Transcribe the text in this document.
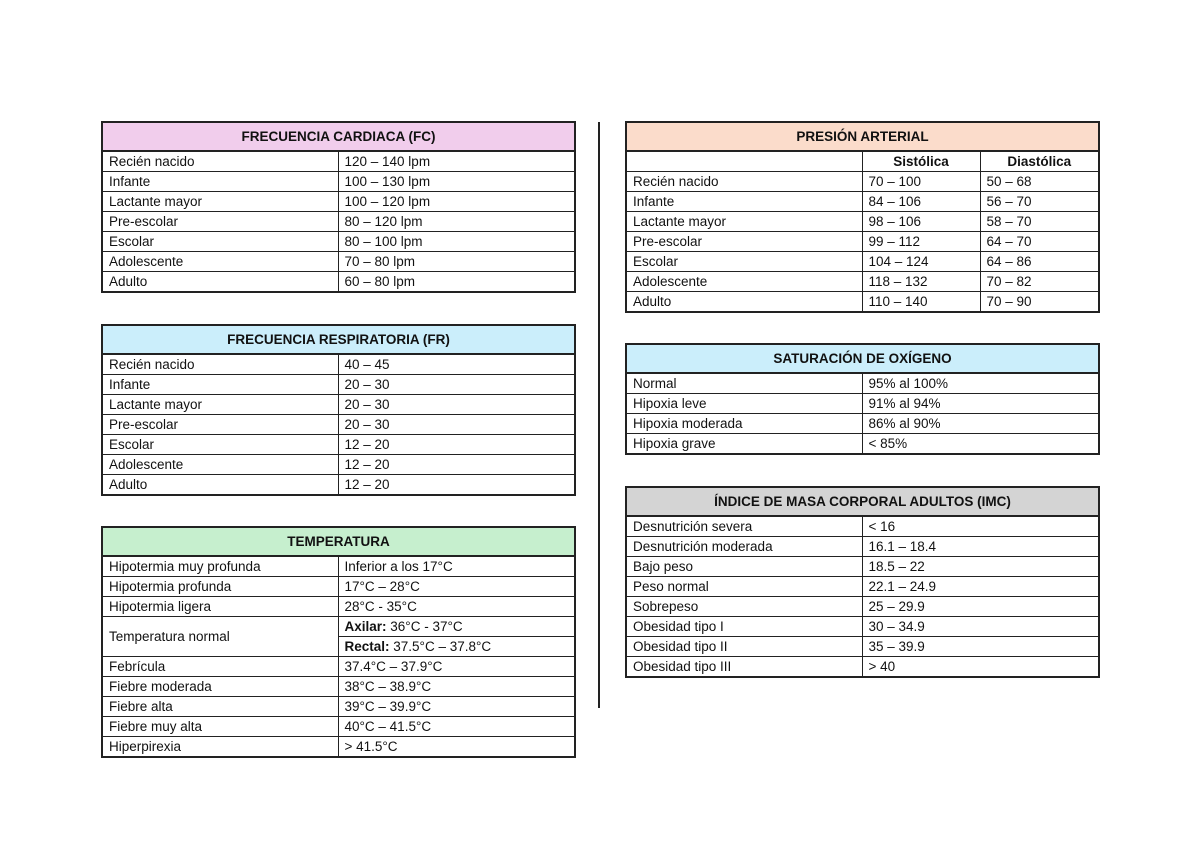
FRECUENCIA CARDIACA (FC)	
Recién nacido	120 – 140 lpm
Infante	100 – 130 lpm
Lactante mayor	100 – 120 lpm
Pre-escolar	80 – 120 lpm
Escolar	80 – 100 lpm
Adolescente	70 – 80 lpm
Adulto	60 – 80 lpm
FRECUENCIA RESPIRATORIA (FR)	
Recién nacido	40 – 45
Infante	20 – 30
Lactante mayor	20 – 30
Pre-escolar	20 – 30
Escolar	12 – 20
Adolescente	12 – 20
Adulto	12 – 20
TEMPERATURA	
Hipotermia muy profunda	Inferior a los 17°C
Hipotermia profunda	17°C – 28°C
Hipotermia ligera	28°C - 35°C
Temperatura normal	Axilar: 36°C - 37°C
	Rectal: 37.5°C – 37.8°C
Febrícula	37.4°C – 37.9°C
Fiebre moderada	38°C – 38.9°C
Fiebre alta	39°C – 39.9°C
Fiebre muy alta	40°C – 41.5°C
Hiperpirexia	> 41.5°C
PRESIÓN ARTERIAL		
	Sistólica	Diastólica
Recién nacido	70 – 100	50 – 68
Infante	84 – 106	56 – 70
Lactante mayor	98 – 106	58 – 70
Pre-escolar	99 – 112	64 – 70
Escolar	104 – 124	64 – 86
Adolescente	118 – 132	70 – 82
Adulto	110 – 140	70 – 90
SATURACIÓN DE OXÍGENO	
Normal	95% al 100%
Hipoxia leve	91% al 94%
Hipoxia moderada	86% al 90%
Hipoxia grave	< 85%
ÍNDICE DE MASA CORPORAL ADULTOS (IMC)	
Desnutrición severa	< 16
Desnutrición moderada	16.1 – 18.4
Bajo peso	18.5 – 22
Peso normal	22.1 – 24.9
Sobrepeso	25 – 29.9
Obesidad tipo I	30 – 34.9
Obesidad tipo II	35 – 39.9
Obesidad tipo III	> 40
